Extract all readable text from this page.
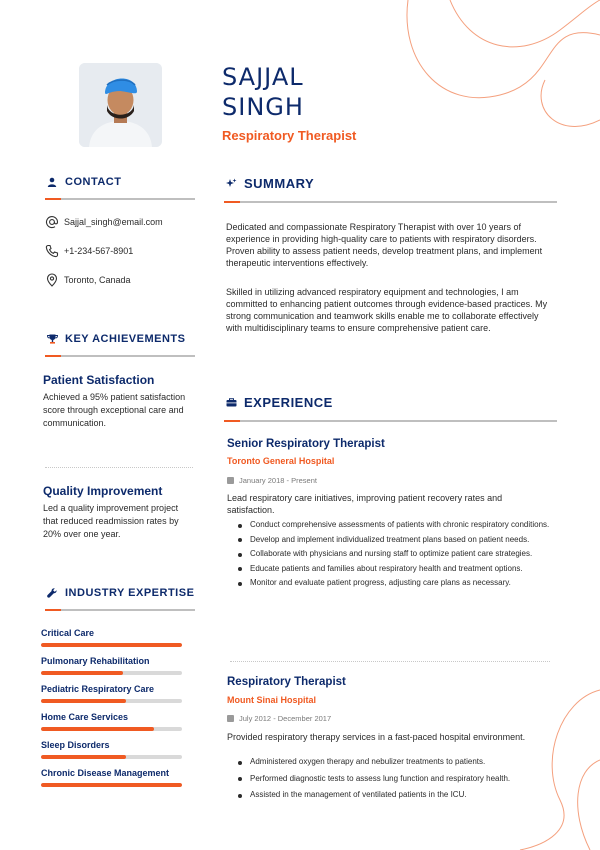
SAJJAL
SINGH
Respiratory Therapist
CONTACT
Sajjal_singh@email.com
+1-234-567-8901
Toronto, Canada
KEY ACHIEVEMENTS
Patient Satisfaction
Achieved a 95% patient satisfaction score through exceptional care and communication.
Quality Improvement
Led a quality improvement project that reduced readmission rates by 20% over one year.
INDUSTRY EXPERTISE
Critical Care
Pulmonary Rehabilitation
Pediatric Respiratory Care
Home Care Services
Sleep Disorders
Chronic Disease Management
SUMMARY
Dedicated and compassionate Respiratory Therapist with over 10 years of experience in providing high-quality care to patients with respiratory disorders. Proven ability to assess patient needs, develop treatment plans, and implement therapeutic interventions effectively.
Skilled in utilizing advanced respiratory equipment and technologies, I am committed to enhancing patient outcomes through evidence-based practices. My strong communication and teamwork skills enable me to collaborate effectively with multidisciplinary teams to ensure comprehensive patient care.
EXPERIENCE
Senior Respiratory Therapist
Toronto General Hospital
January 2018 - Present
Lead respiratory care initiatives, improving patient recovery rates and satisfaction.
Conduct comprehensive assessments of patients with chronic respiratory conditions.
Develop and implement individualized treatment plans based on patient needs.
Collaborate with physicians and nursing staff to optimize patient care strategies.
Educate patients and families about respiratory health and treatment options.
Monitor and evaluate patient progress, adjusting care plans as necessary.
Respiratory Therapist
Mount Sinai Hospital
July 2012 - December 2017
Provided respiratory therapy services in a fast-paced hospital environment.
Administered oxygen therapy and nebulizer treatments to patients.
Performed diagnostic tests to assess lung function and respiratory health.
Assisted in the management of ventilated patients in the ICU.
